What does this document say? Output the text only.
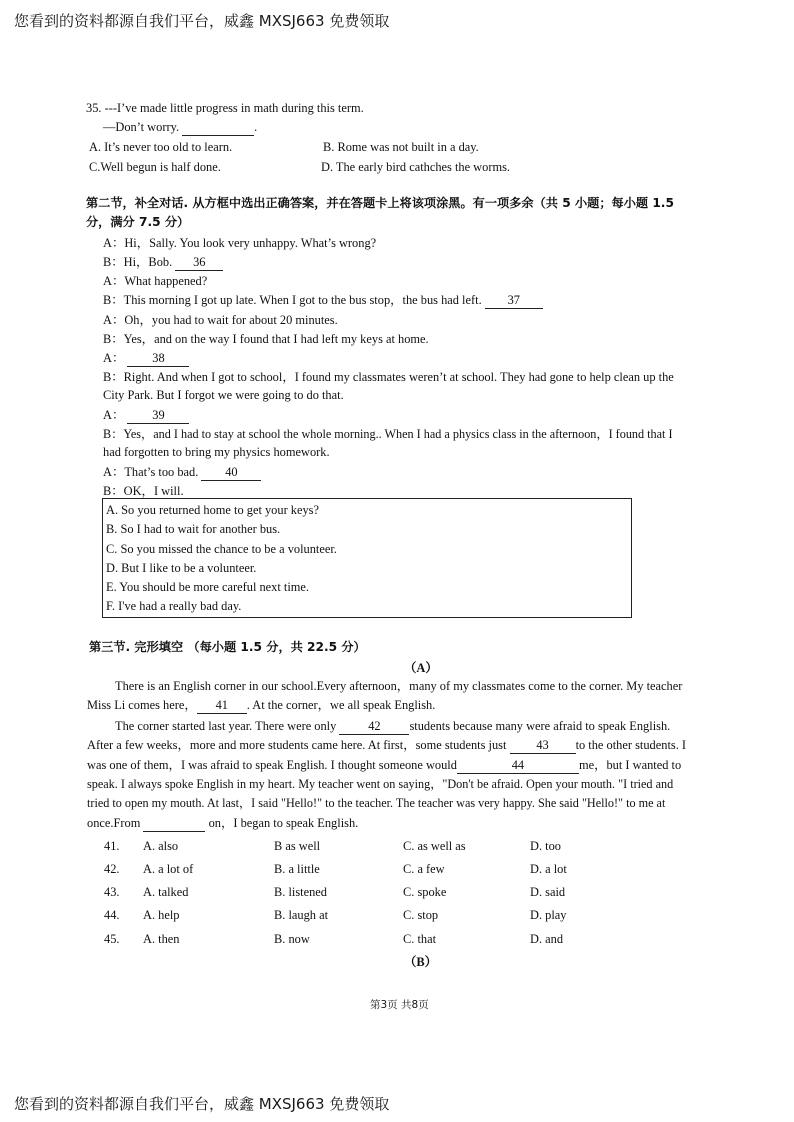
您看到的资料都源自我们平台，威鑫 MXSJ663 免费领取
您看到的资料都源自我们平台，威鑫 MXSJ663 免费领取
35. ---I’ve made little progress in math during this term.
—Don’t worry.	.
A. It’s never too old to learn.	B. Rome was not built in a day.
C.Well begun is half done.	D. The early bird cathches the worms.
第二节，补全对话. 从方框中选出正确答案，并在答题卡上将该项涂黑。有一项多余（共 5 小题；每小题 1.5
分，满分 7.5 分）
A：Hi，Sally. You look very unhappy. What’s wrong?
B：Hi，Bob. 36
A：What happened?
B：This morning I got up late. When I got to the bus stop，the bus had left. 37
A：Oh，you had to wait for about 20 minutes.
B：Yes，and on the way I found that I had left my keys at home.
A： 38
B：Right. And when I got to school，I found my classmates weren’t at school. They had gone to help clean up the
City Park. But I forgot we were going to do that.
A： 39
B：Yes，and I had to stay at school the whole morning.. When I had a physics class in the afternoon，I found that I
had forgotten to bring my physics homework.
A：That’s too bad. 40
B：OK，I will.
A. So you returned home to get your keys?
B. So I had to wait for another bus.
C. So you missed the chance to be a volunteer.
D. But I like to be a volunteer.
E. You should be more careful next time.
F. I've had a really bad day.
第三节. 完形填空 （每小题 1.5 分，共 22.5 分）
（A）
There is an English corner in our school.Every afternoon，many of my classmates come to the corner. My teacher
Miss Li comes here， 41 . At the corner，we all speak English.
The corner started last year. There were only	42 students because many were afraid to speak English.
After a few weeks，more and more students came here. At first，some students just 43 to the other students. I
was one of them，I was afraid to speak English. I thought someone would	44	me，but I wanted to
speak. I always spoke English in my heart. My teacher went on saying，"Don't be afraid. Open your mouth. "I tried and
tried to open my mouth. At last，I said "Hello!" to the teacher. The teacher was very happy. She said "Hello!" to me at
once.From	on，I began to speak English.
41. A. also	B as well	C. as well as	D. too
42. A. a lot of	B. a little	C. a few	D. a lot
43. A. talked	B. listened	C. spoke	D. said
44. A. help	B. laugh at	C. stop	D. play
45. A. then	B. now	C. that	D. and
（B）
第3页 共8页
